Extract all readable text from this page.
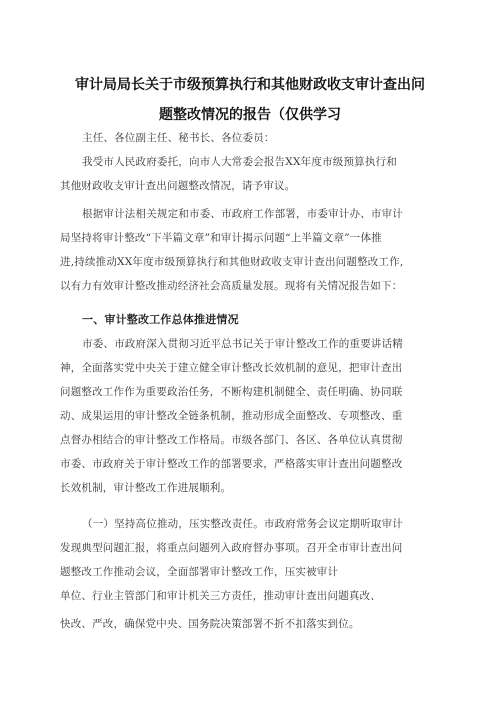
审计局局长关于市级预算执行和其他财政收支审计查出问
题整改情况的报告（仅供学习
主任、各位副主任、秘书长、各位委员：
我受市人民政府委托，向市人大常委会报告XX年度市级预算执行和
其他财政收支审计查出问题整改情况，请予审议。
根据审计法相关规定和市委、市政府工作部署，市委审计办、市审计
局坚持将审计整改“下半篇文章”和审计揭示问题“上半篇文章”一体推
进,持续推动XX年度市级预算执行和其他财政收支审计查出问题整改工作,
以有力有效审计整改推动经济社会高质量发展。现将有关情况报告如下：
一、审计整改工作总体推进情况
市委、市政府深入贯彻习近平总书记关于审计整改工作的重要讲话精
神，全面落实党中央关于建立健全审计整改长效机制的意见，把审计查出
问题整改工作作为重要政治任务，不断构建机制健全、责任明确、协同联
动、成果运用的审计整改全链条机制，推动形成全面整改、专项整改、重
点督办相结合的审计整改工作格局。市级各部门、各区、各单位认真贯彻
市委、市政府关于审计整改工作的部署要求，严格落实审计查出问题整改
长效机制，审计整改工作进展顺利。
（一）坚持高位推动，压实整改责任。市政府常务会议定期听取审计
发现典型问题汇报，将重点问题列入政府督办事项。召开全市审计查出问
题整改工作推动会议，全面部署审计整改工作，压实被审计
单位、行业主管部门和审计机关三方责任，推动审计查出问题真改、
快改、严改，确保党中央、国务院决策部署不折不扣落实到位。
